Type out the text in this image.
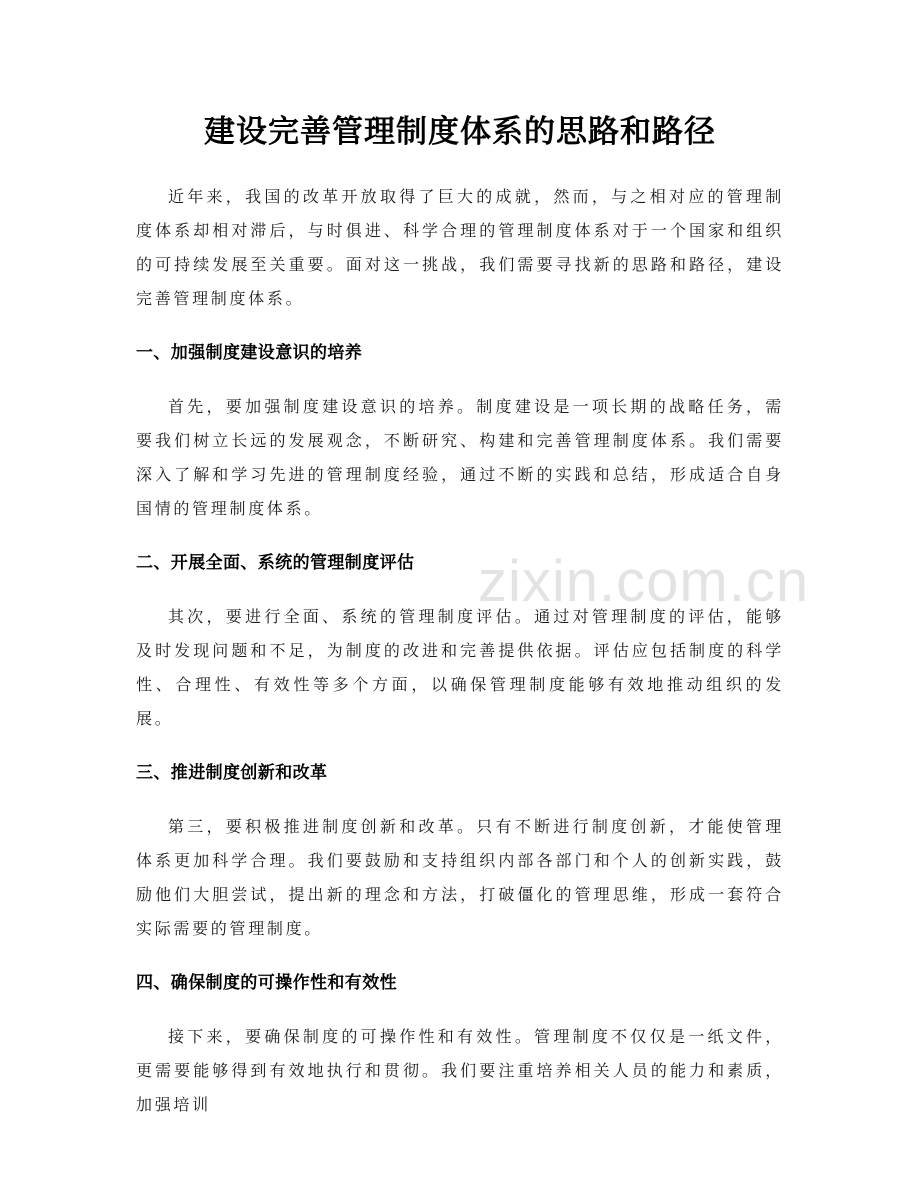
建设完善管理制度体系的思路和路径

近年来，我国的改革开放取得了巨大的成就，然而，与之相对应的管理制度体系却相对滞后，与时俱进、科学合理的管理制度体系对于一个国家和组织的可持续发展至关重要。面对这一挑战，我们需要寻找新的思路和路径，建设完善管理制度体系。

一、加强制度建设意识的培养

首先，要加强制度建设意识的培养。制度建设是一项长期的战略任务，需要我们树立长远的发展观念，不断研究、构建和完善管理制度体系。我们需要深入了解和学习先进的管理制度经验，通过不断的实践和总结，形成适合自身国情的管理制度体系。

二、开展全面、系统的管理制度评估

其次，要进行全面、系统的管理制度评估。通过对管理制度的评估，能够及时发现问题和不足，为制度的改进和完善提供依据。评估应包括制度的科学性、合理性、有效性等多个方面，以确保管理制度能够有效地推动组织的发展。

三、推进制度创新和改革

第三，要积极推进制度创新和改革。只有不断进行制度创新，才能使管理体系更加科学合理。我们要鼓励和支持组织内部各部门和个人的创新实践，鼓励他们大胆尝试，提出新的理念和方法，打破僵化的管理思维，形成一套符合实际需要的管理制度。

四、确保制度的可操作性和有效性

接下来，要确保制度的可操作性和有效性。管理制度不仅仅是一纸文件，更需要能够得到有效地执行和贯彻。我们要注重培养相关人员的能力和素质，加强培训

zixin.com.cn
